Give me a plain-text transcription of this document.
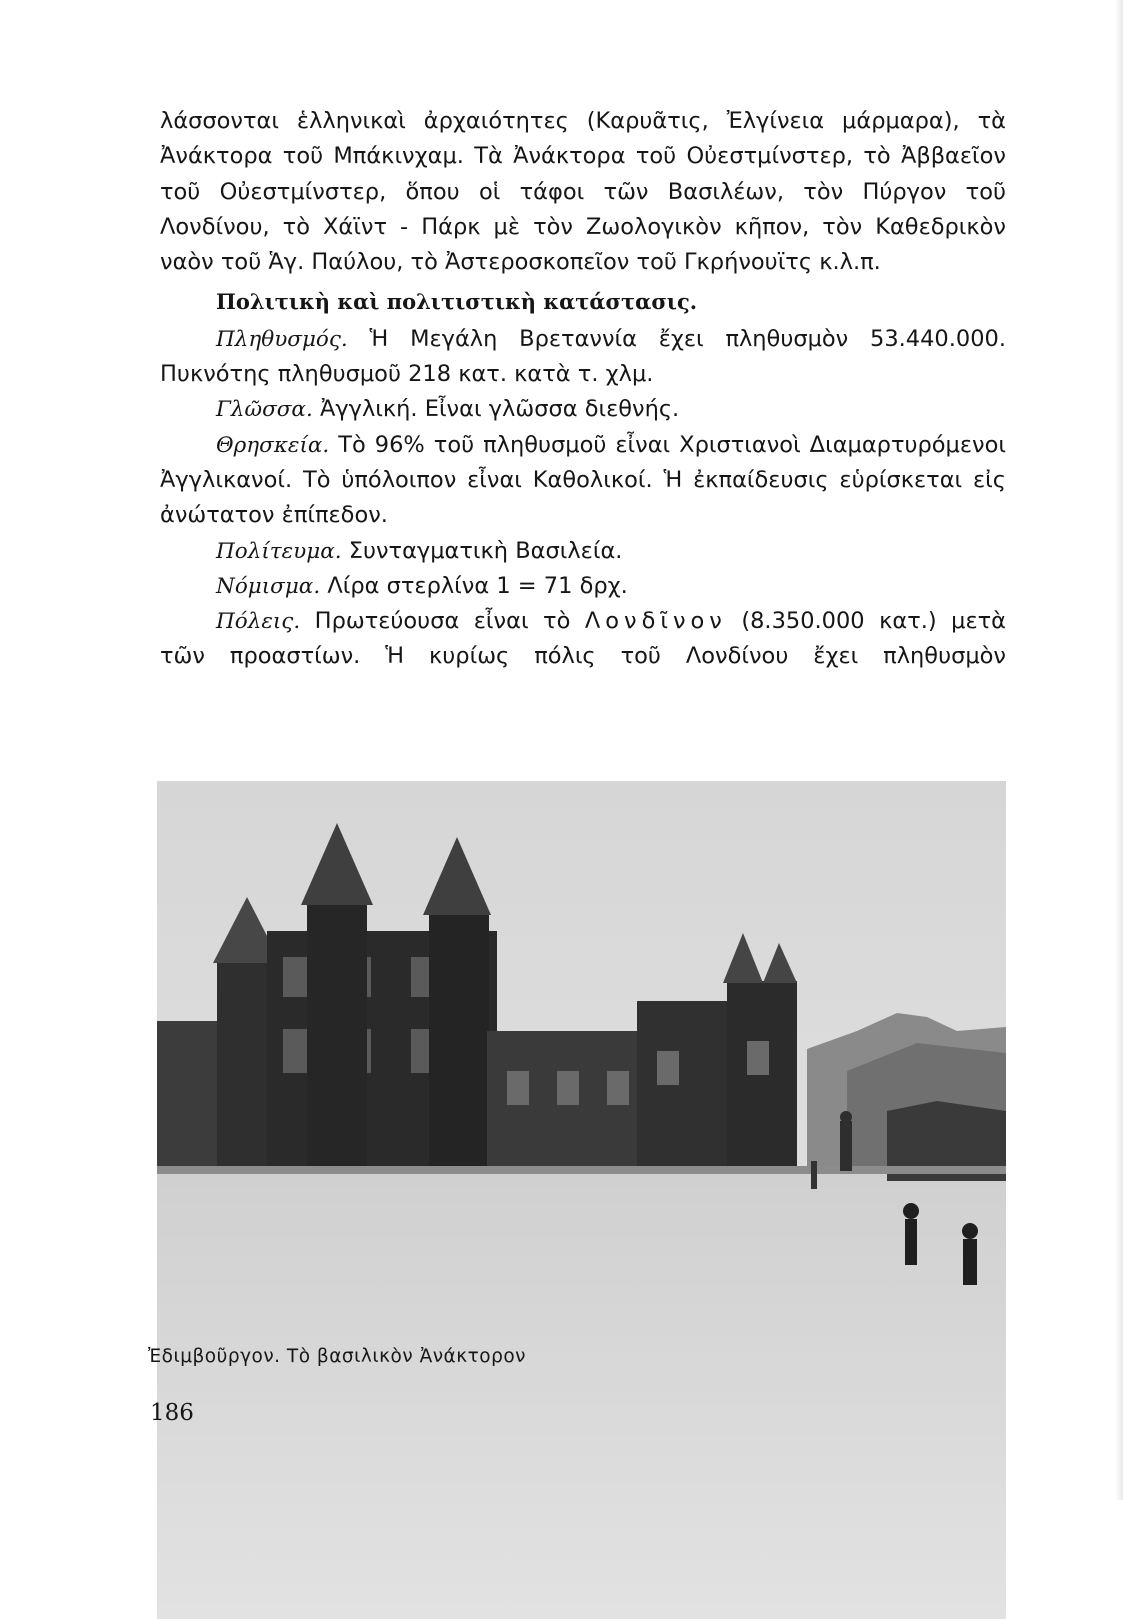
λάσσονται ἑλληνικαὶ ἀρχαιότητες (Καρυᾶτις, Ἐλγίνεια μάρμαρα), τὰ Ἀνάκτορα τοῦ Μπάκινχαμ. Τὰ Ἀνάκτορα τοῦ Οὐεστμίνστερ, τὸ Ἀββαεῖον τοῦ Οὐεστμίνστερ, ὅπου οἱ τάφοι τῶν Βασιλέων, τὸν Πύργον τοῦ Λονδίνου, τὸ Χάϊντ - Πάρκ μὲ τὸν Ζωολογικὸν κῆπον, τὸν Καθεδρικὸν ναὸν τοῦ Ἁγ. Παύλου, τὸ Ἀστεροσκοπεῖον τοῦ Γκρήνουϊτς κ.λ.π.

Πολιτικὴ καὶ πολιτιστικὴ κατάστασις.

Πληθυσμός. Ἡ Μεγάλη Βρεταννία ἔχει πληθυσμὸν 53.440.000. Πυκνότης πληθυσμοῦ 218 κατ. κατὰ τ. χλμ.

Γλῶσσα. Ἀγγλική. Εἶναι γλῶσσα διεθνής.

Θρησκεία. Τὸ 96% τοῦ πληθυσμοῦ εἶναι Χριστιανοὶ Διαμαρτυρόμενοι Ἀγγλικανοί. Τὸ ὑπόλοιπον εἶναι Καθολικοί. Ἡ ἐκπαίδευσις εὑρίσκεται εἰς ἀνώτατον ἐπίπεδον.

Πολίτευμα. Συνταγματικὴ Βασιλεία.

Νόμισμα. Λίρα στερλίνα 1 = 71 δρχ.

Πόλεις. Πρωτεύουσα εἶναι τὸ Λονδῖνον (8.350.000 κατ.) μετὰ τῶν προαστίων. Ἡ κυρίως πόλις τοῦ Λονδίνου ἔχει πληθυσμὸν

Ἐδιμβοῦργον. Τὸ βασιλικὸν Ἀνάκτορον
186
